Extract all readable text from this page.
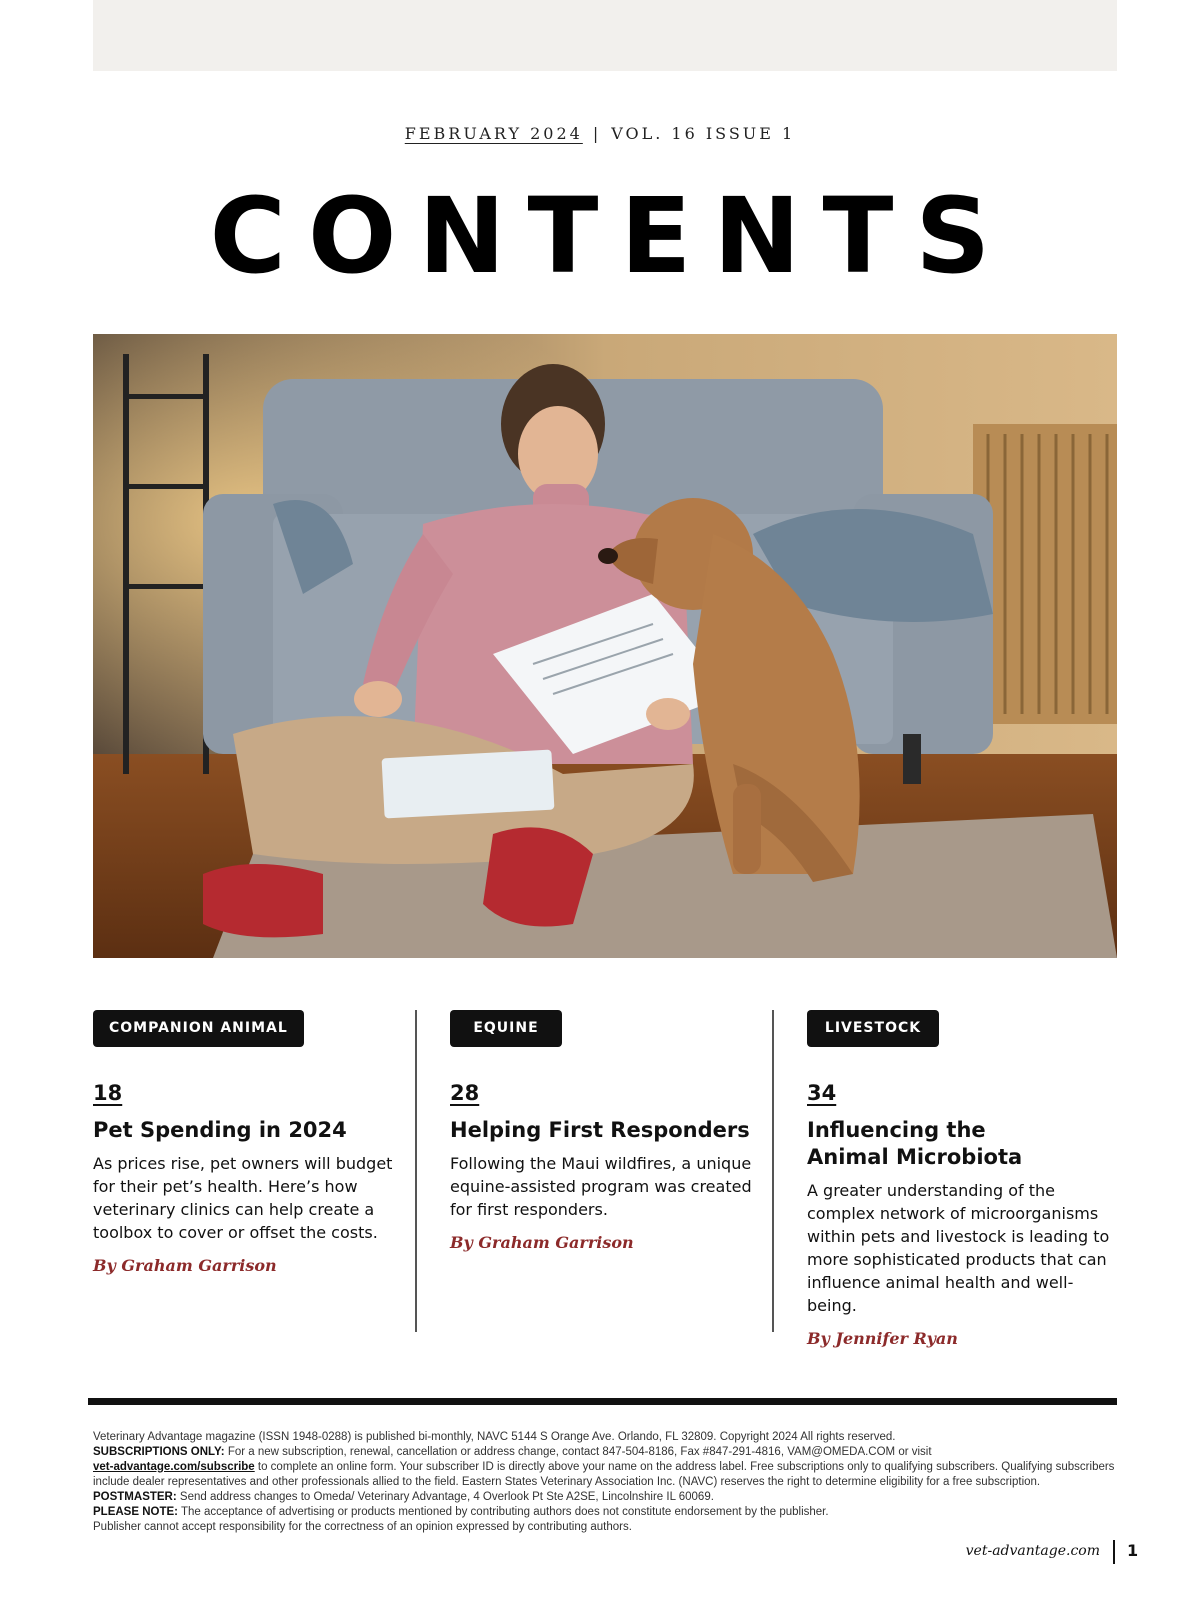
FEBRUARY 2024 | VOL. 16 ISSUE 1
CONTENTS
COMPANION ANIMAL
18
Pet Spending in 2024
As prices rise, pet owners will budget for their pet’s health. Here’s how veterinary clinics can help create a toolbox to cover or offset the costs.
By Graham Garrison
EQUINE
28
Helping First Responders
Following the Maui wildfires, a unique equine-assisted program was created for first responders.
By Graham Garrison
LIVESTOCK
34
Influencing the
Animal Microbiota
A greater understanding of the complex network of microorganisms within pets and livestock is leading to more sophisticated products that can influence animal health and well-being.
By Jennifer Ryan
Veterinary Advantage magazine (ISSN 1948-0288) is published bi-monthly, NAVC 5144 S Orange Ave. Orlando, FL 32809. Copyright 2024 All rights reserved.
SUBSCRIPTIONS ONLY: For a new subscription, renewal, cancellation or address change, contact 847-504-8186, Fax #847-291-4816, VAM@OMEDA.COM or visit
vet-advantage.com/subscribe to complete an online form. Your subscriber ID is directly above your name on the address label. Free subscriptions only to qualifying subscribers. Qualifying subscribers include dealer representatives and other professionals allied to the field. Eastern States Veterinary Association Inc. (NAVC) reserves the right to determine eligibility for a free subscription. POSTMASTER: Send address changes to Omeda/ Veterinary Advantage, 4 Overlook Pt Ste A2SE, Lincolnshire IL 60069.
PLEASE NOTE: The acceptance of advertising or products mentioned by contributing authors does not constitute endorsement by the publisher.
Publisher cannot accept responsibility for the correctness of an opinion expressed by contributing authors.
vet-advantage.com 1
